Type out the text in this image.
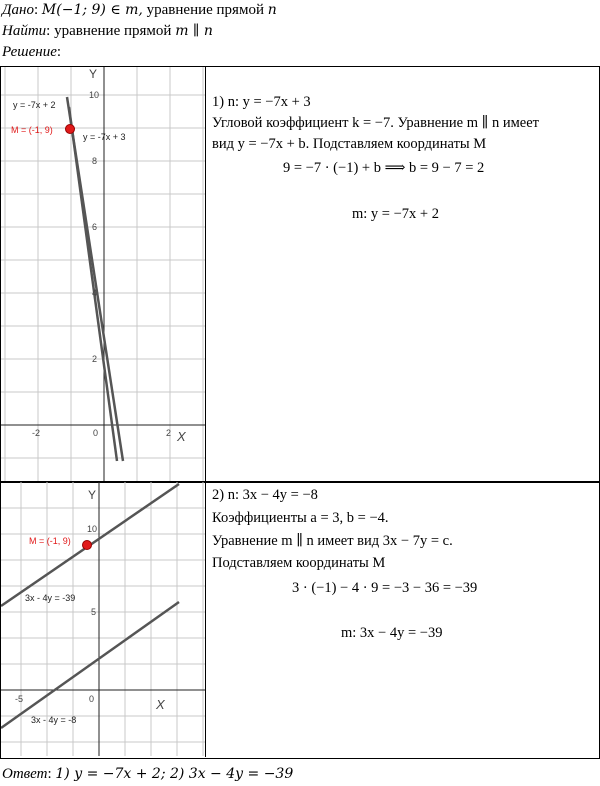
Дано: M(−1; 9) ∈ m, уравнение прямой n
Найти: уравнение прямой m ∥ n
Решение:
Y
X
10
8
6
4
2
-2	0	2
y = -7x + 2
y = -7x + 3
M = (-1, 9)
1) n: y = −7x + 3
Угловой коэффициент k = −7. Уравнение m ∥ n имеет
вид y = −7x + b. Подставляем координаты M
9 = −7 · (−1) + b ⟹ b = 9 − 7 = 2
m: y = −7x + 2
Y
X
10
5
-5	0
M = (-1, 9)
3x - 4y = -39
3x - 4y = -8
2) n: 3x − 4y = −8
Коэффициенты a = 3, b = −4.
Уравнение m ∥ n имеет вид 3x − 7y = c.
Подставляем координаты M
3 · (−1) − 4 · 9 = −3 − 36 = −39
m: 3x − 4y = −39
Ответ: 1) y = −7x + 2; 2) 3x − 4y = −39
